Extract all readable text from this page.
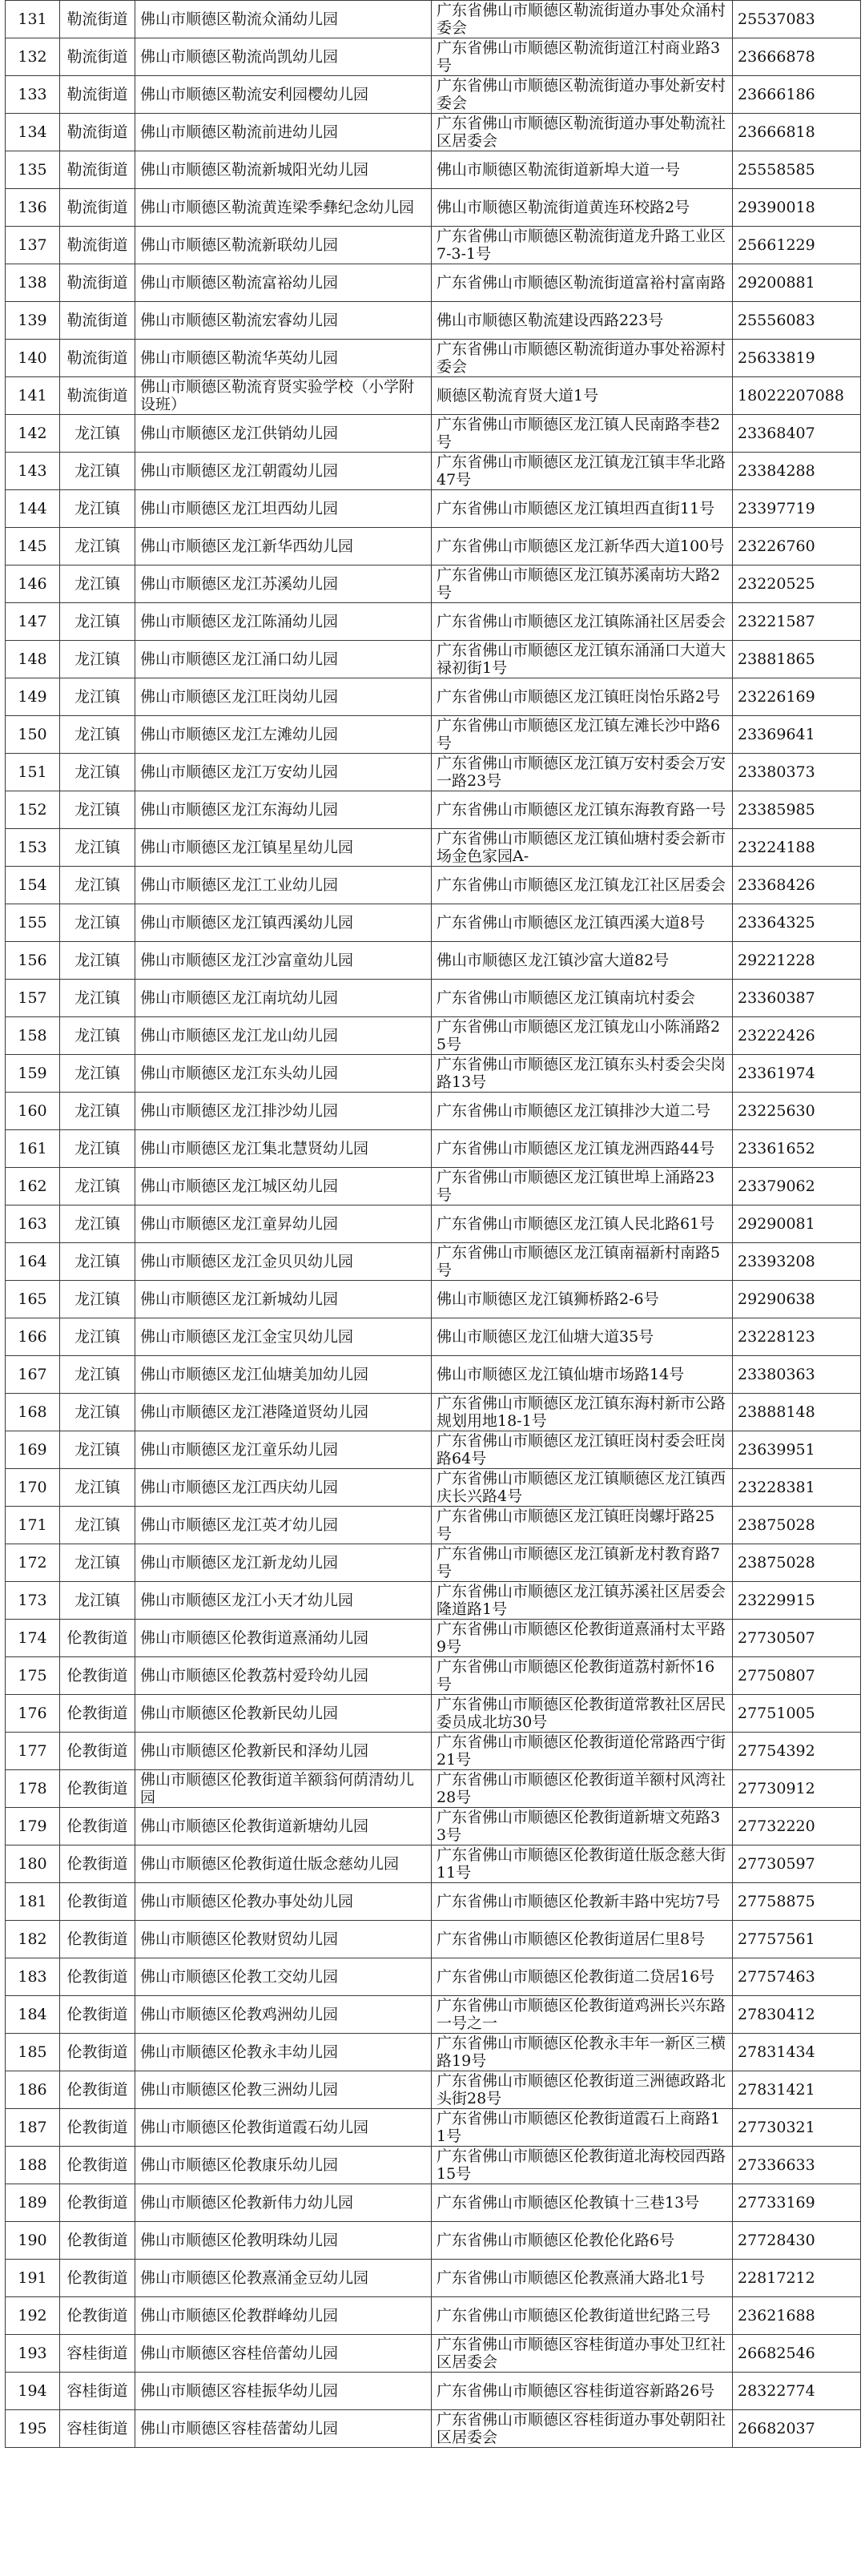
131	勒流街道	佛山市顺德区勒流众涌幼儿园	广东省佛山市顺德区勒流街道办事处众涌村委会	25537083

132	勒流街道	佛山市顺德区勒流尚凯幼儿园	广东省佛山市顺德区勒流街道江村商业路3号	23666878

133	勒流街道	佛山市顺德区勒流安利园樱幼儿园	广东省佛山市顺德区勒流街道办事处新安村委会	23666186

134	勒流街道	佛山市顺德区勒流前进幼儿园	广东省佛山市顺德区勒流街道办事处勒流社区居委会	23666818

135	勒流街道	佛山市顺德区勒流新城阳光幼儿园	佛山市顺德区勒流街道新埠大道一号	25558585

136	勒流街道	佛山市顺德区勒流黄连梁季彝纪念幼儿园	佛山市顺德区勒流街道黄连环校路2号	29390018

137	勒流街道	佛山市顺德区勒流新联幼儿园	广东省佛山市顺德区勒流街道龙升路工业区7-3-1号	25661229

138	勒流街道	佛山市顺德区勒流富裕幼儿园	广东省佛山市顺德区勒流街道富裕村富南路	29200881

139	勒流街道	佛山市顺德区勒流宏睿幼儿园	佛山市顺德区勒流建设西路223号	25556083

140	勒流街道	佛山市顺德区勒流华英幼儿园	广东省佛山市顺德区勒流街道办事处裕源村委会	25633819

141	勒流街道	佛山市顺德区勒流育贤实验学校（小学附设班）	顺德区勒流育贤大道1号	18022207088

142	龙江镇	佛山市顺德区龙江供销幼儿园	广东省佛山市顺德区龙江镇人民南路李巷2号	23368407

143	龙江镇	佛山市顺德区龙江朝霞幼儿园	广东省佛山市顺德区龙江镇龙江镇丰华北路47号	23384288

144	龙江镇	佛山市顺德区龙江坦西幼儿园	广东省佛山市顺德区龙江镇坦西直街11号	23397719

145	龙江镇	佛山市顺德区龙江新华西幼儿园	广东省佛山市顺德区龙江新华西大道100号	23226760

146	龙江镇	佛山市顺德区龙江苏溪幼儿园	广东省佛山市顺德区龙江镇苏溪南坊大路2号	23220525

147	龙江镇	佛山市顺德区龙江陈涌幼儿园	广东省佛山市顺德区龙江镇陈涌社区居委会	23221587

148	龙江镇	佛山市顺德区龙江涌口幼儿园	广东省佛山市顺德区龙江镇东涌涌口大道大禄初街1号	23881865

149	龙江镇	佛山市顺德区龙江旺岗幼儿园	广东省佛山市顺德区龙江镇旺岗怡乐路2号	23226169

150	龙江镇	佛山市顺德区龙江左滩幼儿园	广东省佛山市顺德区龙江镇左滩长沙中路6号	23369641

151	龙江镇	佛山市顺德区龙江万安幼儿园	广东省佛山市顺德区龙江镇万安村委会万安一路23号	23380373

152	龙江镇	佛山市顺德区龙江东海幼儿园	广东省佛山市顺德区龙江镇东海教育路一号	23385985

153	龙江镇	佛山市顺德区龙江镇星星幼儿园	广东省佛山市顺德区龙江镇仙塘村委会新市场金色家园A-	23224188

154	龙江镇	佛山市顺德区龙江工业幼儿园	广东省佛山市顺德区龙江镇龙江社区居委会	23368426

155	龙江镇	佛山市顺德区龙江镇西溪幼儿园	广东省佛山市顺德区龙江镇西溪大道8号	23364325

156	龙江镇	佛山市顺德区龙江沙富童幼儿园	佛山市顺德区龙江镇沙富大道82号	29221228

157	龙江镇	佛山市顺德区龙江南坑幼儿园	广东省佛山市顺德区龙江镇南坑村委会	23360387

158	龙江镇	佛山市顺德区龙江龙山幼儿园	广东省佛山市顺德区龙江镇龙山小陈涌路25号	23222426

159	龙江镇	佛山市顺德区龙江东头幼儿园	广东省佛山市顺德区龙江镇东头村委会尖岗路13号	23361974

160	龙江镇	佛山市顺德区龙江排沙幼儿园	广东省佛山市顺德区龙江镇排沙大道二号	23225630

161	龙江镇	佛山市顺德区龙江集北慧贤幼儿园	广东省佛山市顺德区龙江镇龙洲西路44号	23361652

162	龙江镇	佛山市顺德区龙江城区幼儿园	广东省佛山市顺德区龙江镇世埠上涌路23号	23379062

163	龙江镇	佛山市顺德区龙江童昇幼儿园	广东省佛山市顺德区龙江镇人民北路61号	29290081

164	龙江镇	佛山市顺德区龙江金贝贝幼儿园	广东省佛山市顺德区龙江镇南福新村南路5号	23393208

165	龙江镇	佛山市顺德区龙江新城幼儿园	佛山市顺德区龙江镇狮桥路2-6号	29290638

166	龙江镇	佛山市顺德区龙江金宝贝幼儿园	佛山市顺德区龙江仙塘大道35号	23228123

167	龙江镇	佛山市顺德区龙江仙塘美加幼儿园	佛山市顺德区龙江镇仙塘市场路14号	23380363

168	龙江镇	佛山市顺德区龙江港隆道贤幼儿园	广东省佛山市顺德区龙江镇东海村新市公路规划用地18-1号	23888148

169	龙江镇	佛山市顺德区龙江童乐幼儿园	广东省佛山市顺德区龙江镇旺岗村委会旺岗路64号	23639951

170	龙江镇	佛山市顺德区龙江西庆幼儿园	广东省佛山市顺德区龙江镇顺德区龙江镇西庆长兴路4号	23228381

171	龙江镇	佛山市顺德区龙江英才幼儿园	广东省佛山市顺德区龙江镇旺岗螺圩路25号	23875028

172	龙江镇	佛山市顺德区龙江新龙幼儿园	广东省佛山市顺德区龙江镇新龙村教育路7号	23875028

173	龙江镇	佛山市顺德区龙江小天才幼儿园	广东省佛山市顺德区龙江镇苏溪社区居委会隆道路1号	23229915

174	伦教街道	佛山市顺德区伦教街道熹涌幼儿园	广东省佛山市顺德区伦教街道熹涌村太平路9号	27730507

175	伦教街道	佛山市顺德区伦教荔村爱玲幼儿园	广东省佛山市顺德区伦教街道荔村新怀16号	27750807

176	伦教街道	佛山市顺德区伦教新民幼儿园	广东省佛山市顺德区伦教街道常教社区居民委员成北坊30号	27751005

177	伦教街道	佛山市顺德区伦教新民和泽幼儿园	广东省佛山市顺德区伦教街道伦常路西宁街21号	27754392

178	伦教街道	佛山市顺德区伦教街道羊额翁何荫清幼儿园	广东省佛山市顺德区伦教街道羊额村风湾社28号	27730912

179	伦教街道	佛山市顺德区伦教街道新塘幼儿园	广东省佛山市顺德区伦教街道新塘文苑路33号	27732220

180	伦教街道	佛山市顺德区伦教街道仕版念慈幼儿园	广东省佛山市顺德区伦教街道仕版念慈大街11号	27730597

181	伦教街道	佛山市顺德区伦教办事处幼儿园	广东省佛山市顺德区伦教新丰路中宪坊7号	27758875

182	伦教街道	佛山市顺德区伦教财贸幼儿园	广东省佛山市顺德区伦教街道居仁里8号	27757561

183	伦教街道	佛山市顺德区伦教工交幼儿园	广东省佛山市顺德区伦教街道二贷居16号	27757463

184	伦教街道	佛山市顺德区伦教鸡洲幼儿园	广东省佛山市顺德区伦教街道鸡洲长兴东路一号之一	27830412

185	伦教街道	佛山市顺德区伦教永丰幼儿园	广东省佛山市顺德区伦教永丰年一新区三横路19号	27831434

186	伦教街道	佛山市顺德区伦教三洲幼儿园	广东省佛山市顺德区伦教街道三洲德政路北头街28号	27831421

187	伦教街道	佛山市顺德区伦教街道霞石幼儿园	广东省佛山市顺德区伦教街道霞石上商路11号	27730321

188	伦教街道	佛山市顺德区伦教康乐幼儿园	广东省佛山市顺德区伦教街道北海校园西路15号	27336633

189	伦教街道	佛山市顺德区伦教新伟力幼儿园	广东省佛山市顺德区伦教镇十三巷13号	27733169

190	伦教街道	佛山市顺德区伦教明珠幼儿园	广东省佛山市顺德区伦教伦化路6号	27728430

191	伦教街道	佛山市顺德区伦教熹涌金豆幼儿园	广东省佛山市顺德区伦教熹涌大路北1号	22817212

192	伦教街道	佛山市顺德区伦教群峰幼儿园	广东省佛山市顺德区伦教街道世纪路三号	23621688

193	容桂街道	佛山市顺德区容桂倍蕾幼儿园	广东省佛山市顺德区容桂街道办事处卫红社区居委会	26682546

194	容桂街道	佛山市顺德区容桂振华幼儿园	广东省佛山市顺德区容桂街道容新路26号	28322774

195	容桂街道	佛山市顺德区容桂蓓蕾幼儿园	广东省佛山市顺德区容桂街道办事处朝阳社区居委会	26682037
